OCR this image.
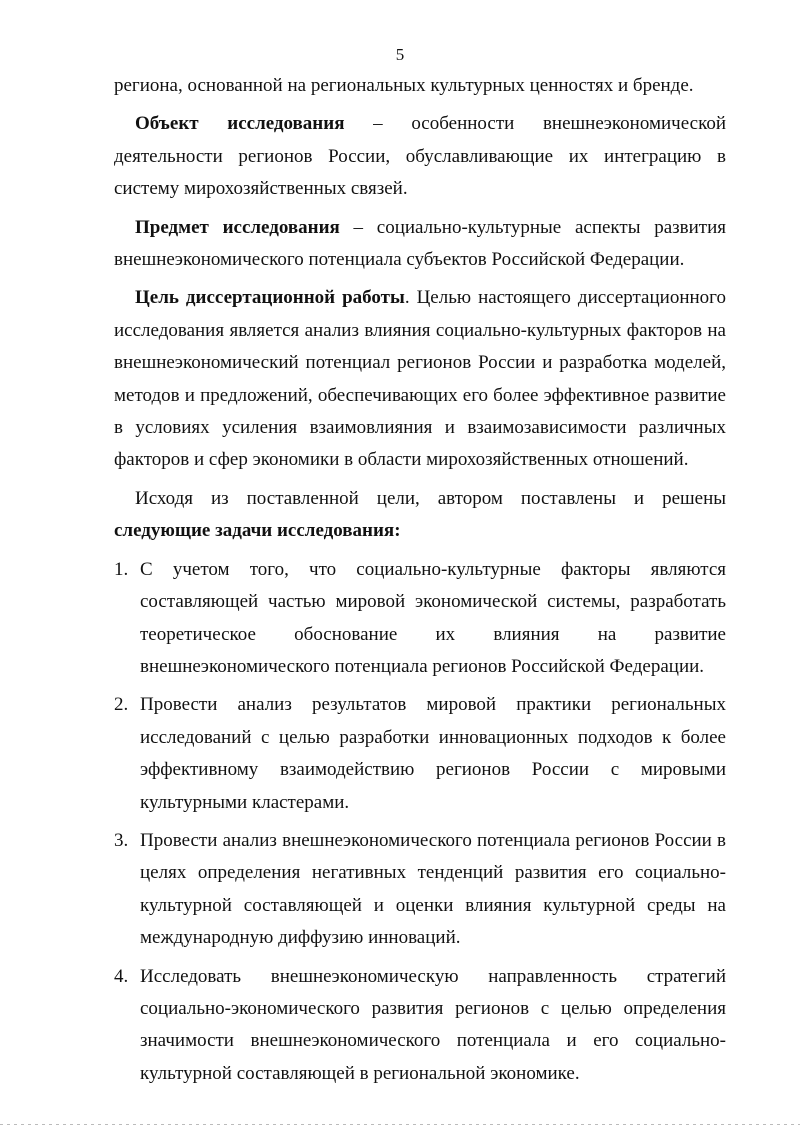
5

региона, основанной на региональных культурных ценностях и бренде.

Объект исследования – особенности внешнеэкономической деятельности регионов России, обуславливающие их интеграцию в систему мирохозяйственных связей.

Предмет исследования – социально-культурные аспекты развития внешнеэкономического потенциала субъектов Российской Федерации.

Цель диссертационной работы. Целью настоящего диссертационного исследования является анализ влияния социально-культурных факторов на внешнеэкономический потенциал регионов России и разработка моделей, методов и предложений, обеспечивающих его более эффективное развитие в условиях усиления взаимовлияния и взаимозависимости различных факторов и сфер экономики в области мирохозяйственных отношений.

Исходя из поставленной цели, автором поставлены и решены следующие задачи исследования:

1. С учетом того, что социально-культурные факторы являются составляющей частью мировой экономической системы, разработать теоретическое обоснование их влияния на развитие внешнеэкономического потенциала регионов Российской Федерации.
2. Провести анализ результатов мировой практики региональных исследований с целью разработки инновационных подходов к более эффективному взаимодействию регионов России с мировыми культурными кластерами.
3. Провести анализ внешнеэкономического потенциала регионов России в целях определения негативных тенденций развития его социально-культурной составляющей и оценки влияния культурной среды на международную диффузию инноваций.
4. Исследовать внешнеэкономическую направленность стратегий социально-экономического развития регионов с целью определения значимости внешнеэкономического потенциала и его социально-культурной составляющей в региональной экономике.
